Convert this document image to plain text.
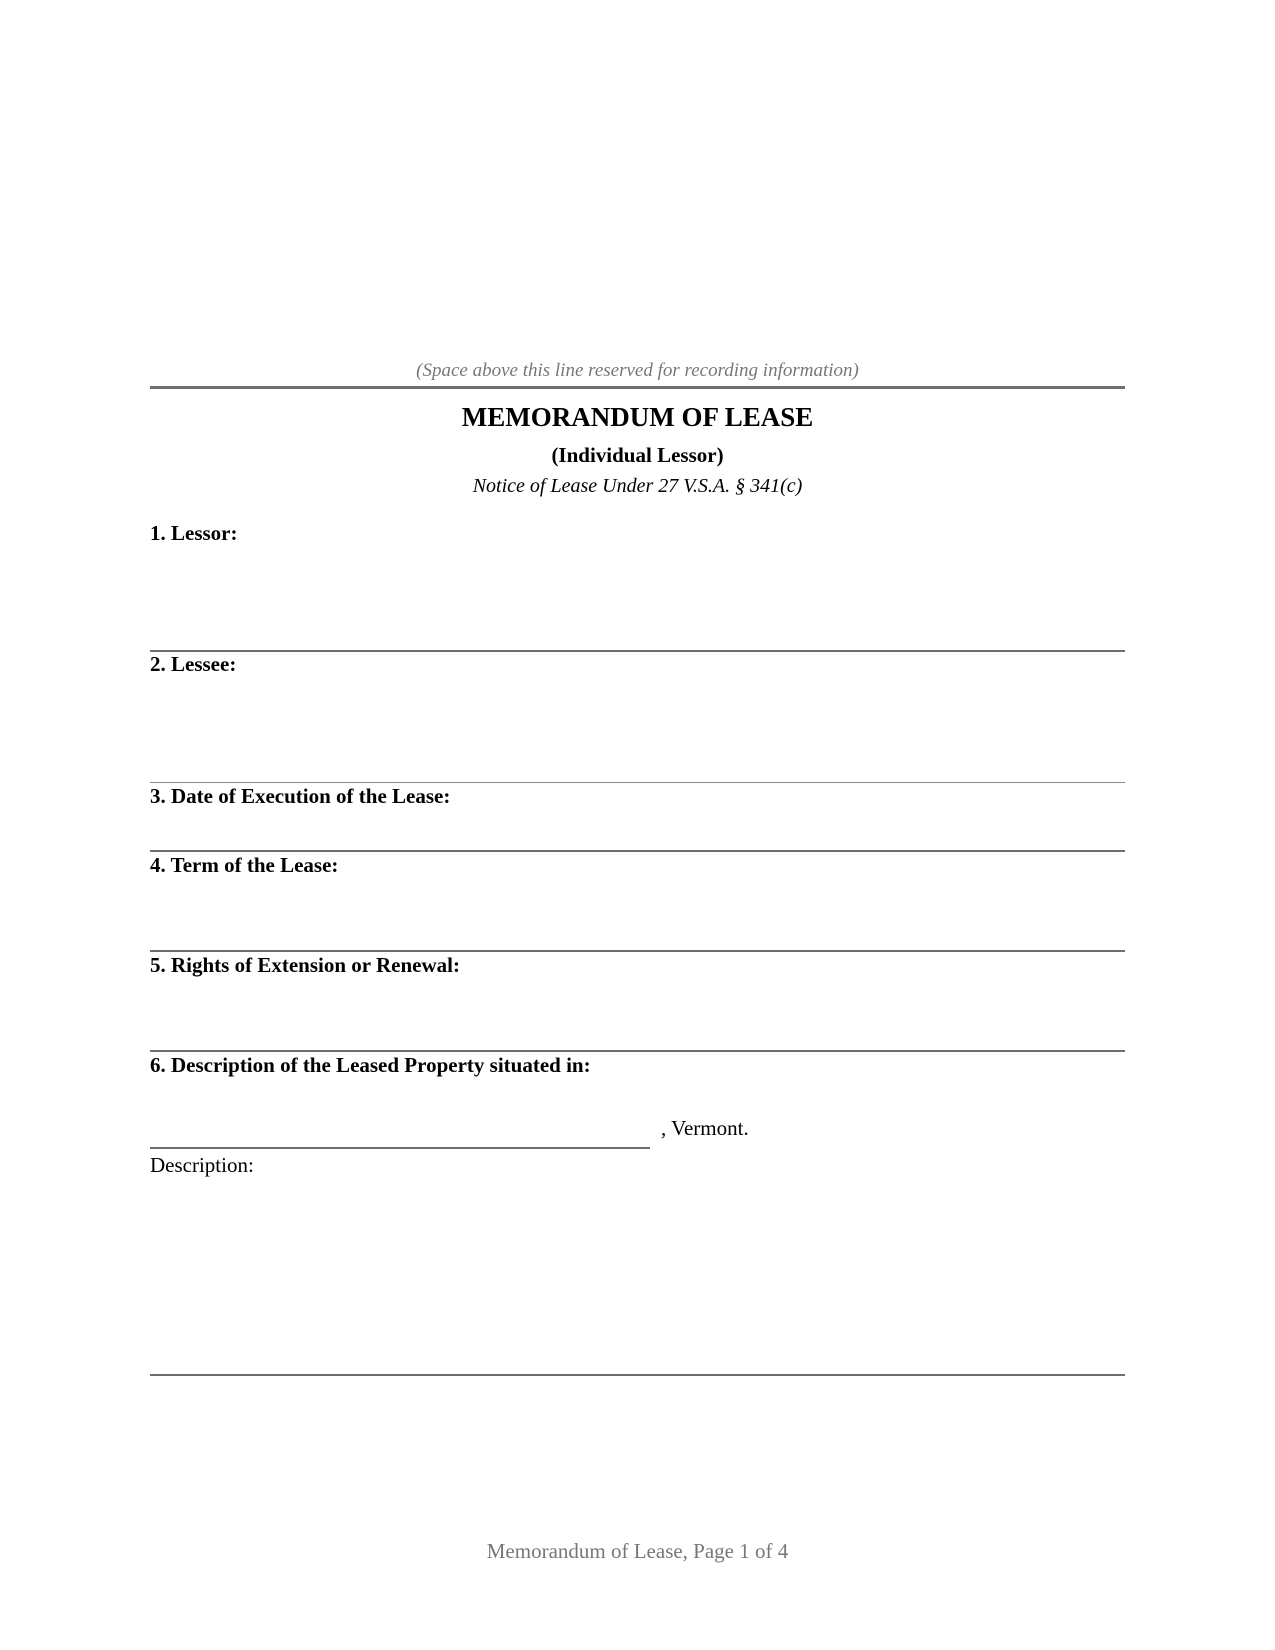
(Space above this line reserved for recording information)
MEMORANDUM OF LEASE
(Individual Lessor)
Notice of Lease Under 27 V.S.A. § 341(c)
1. Lessor:
2. Lessee:
3. Date of Execution of the Lease:
4. Term of the Lease:
5. Rights of Extension or Renewal:
6. Description of the Leased Property situated in:
, Vermont.
Description:
Memorandum of Lease, Page 1 of 4
